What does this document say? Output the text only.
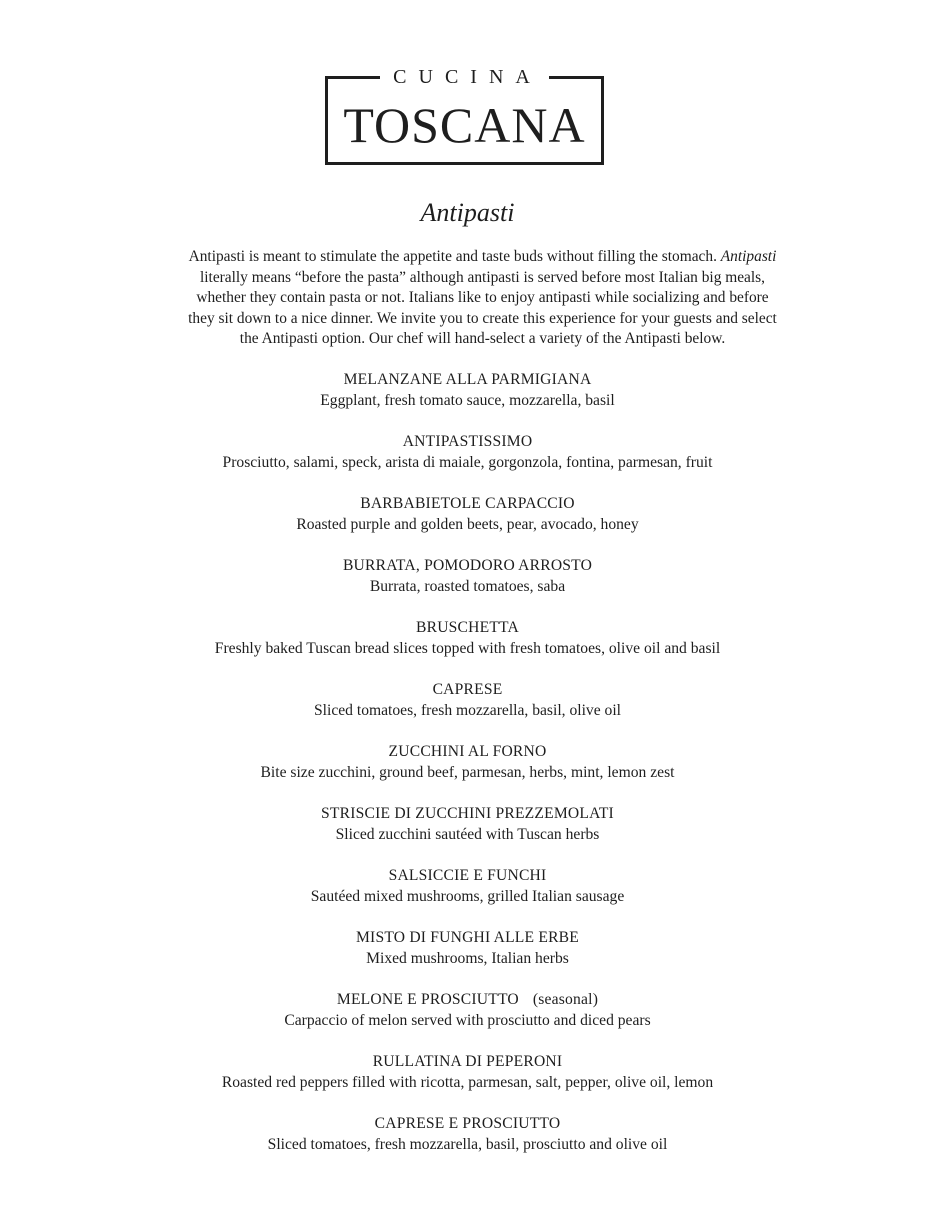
CUCINA
TOSCANA
Antipasti

Antipasti is meant to stimulate the appetite and taste buds without filling the stomach. Antipasti

literally means “before the pasta” although antipasti is served before most Italian big meals,

whether they contain pasta or not. Italians like to enjoy antipasti while socializing and before

they sit down to a nice dinner. We invite you to create this experience for your guests and select

the Antipasti option. Our chef will hand-select a variety of the Antipasti below.

MELANZANE ALLA PARMIGIANA
Eggplant, fresh tomato sauce, mozzarella, basil
ANTIPASTISSIMO
Prosciutto, salami, speck, arista di maiale, gorgonzola, fontina, parmesan, fruit
BARBABIETOLE CARPACCIO
Roasted purple and golden beets, pear, avocado, honey
BURRATA, POMODORO ARROSTO
Burrata, roasted tomatoes, saba
BRUSCHETTA
Freshly baked Tuscan bread slices topped with fresh tomatoes, olive oil and basil
CAPRESE
Sliced tomatoes, fresh mozzarella, basil, olive oil
ZUCCHINI AL FORNO
Bite size zucchini, ground beef, parmesan, herbs, mint, lemon zest
STRISCIE DI ZUCCHINI PREZZEMOLATI
Sliced zucchini sautéed with Tuscan herbs
SALSICCIE E FUNCHI
Sautéed mixed mushrooms, grilled Italian sausage
MISTO DI FUNGHI ALLE ERBE
Mixed mushrooms, Italian herbs
MELONE E PROSCIUTTO (seasonal)
Carpaccio of melon served with prosciutto and diced pears
RULLATINA DI PEPERONI
Roasted red peppers filled with ricotta, parmesan, salt, pepper, olive oil, lemon
CAPRESE E PROSCIUTTO
Sliced tomatoes, fresh mozzarella, basil, prosciutto and olive oil
